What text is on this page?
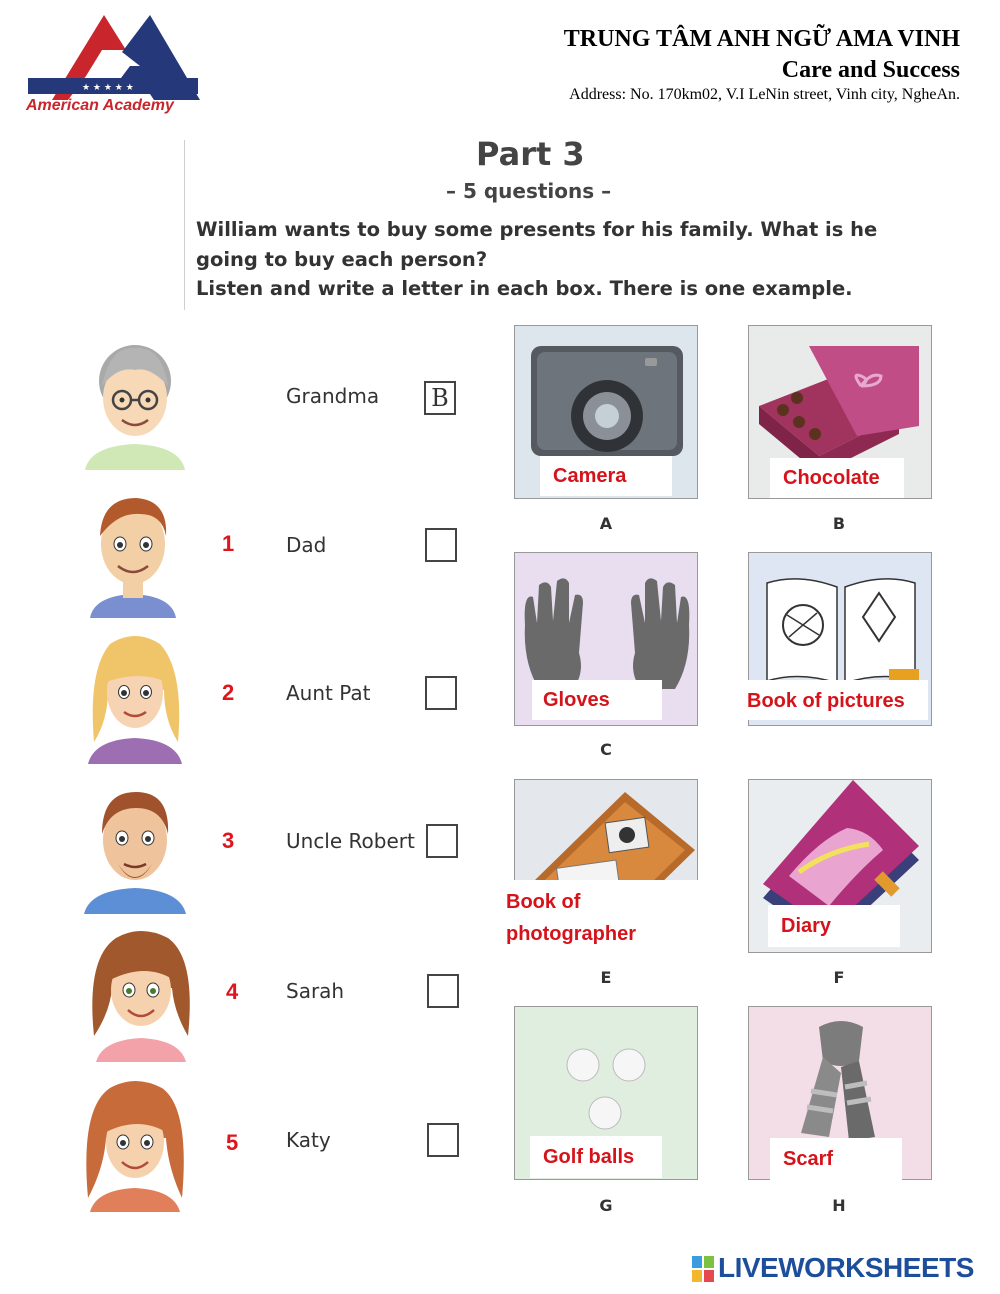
★ ★ ★ ★ ★
American Academy
TRUNG TÂM ANH NGỮ AMA VINH
Care and Success
Address: No. 170km02, V.I LeNin street, Vinh city, NgheAn.
Part 3
– 5 questions –
William wants to buy some presents for his family. What is he
going to buy each person?
Listen and write a letter in each box. There is one example.
Grandma B
1	Dad
2	Aunt Pat
3	Uncle Robert
4 Sarah
5 Katy
Camera
A
Chocolate
B
Gloves
C
Book of pictures
Book of
photographer
E
Diary
F
Golf balls
G
Scarf
H
LIVEWORKSHEETS
